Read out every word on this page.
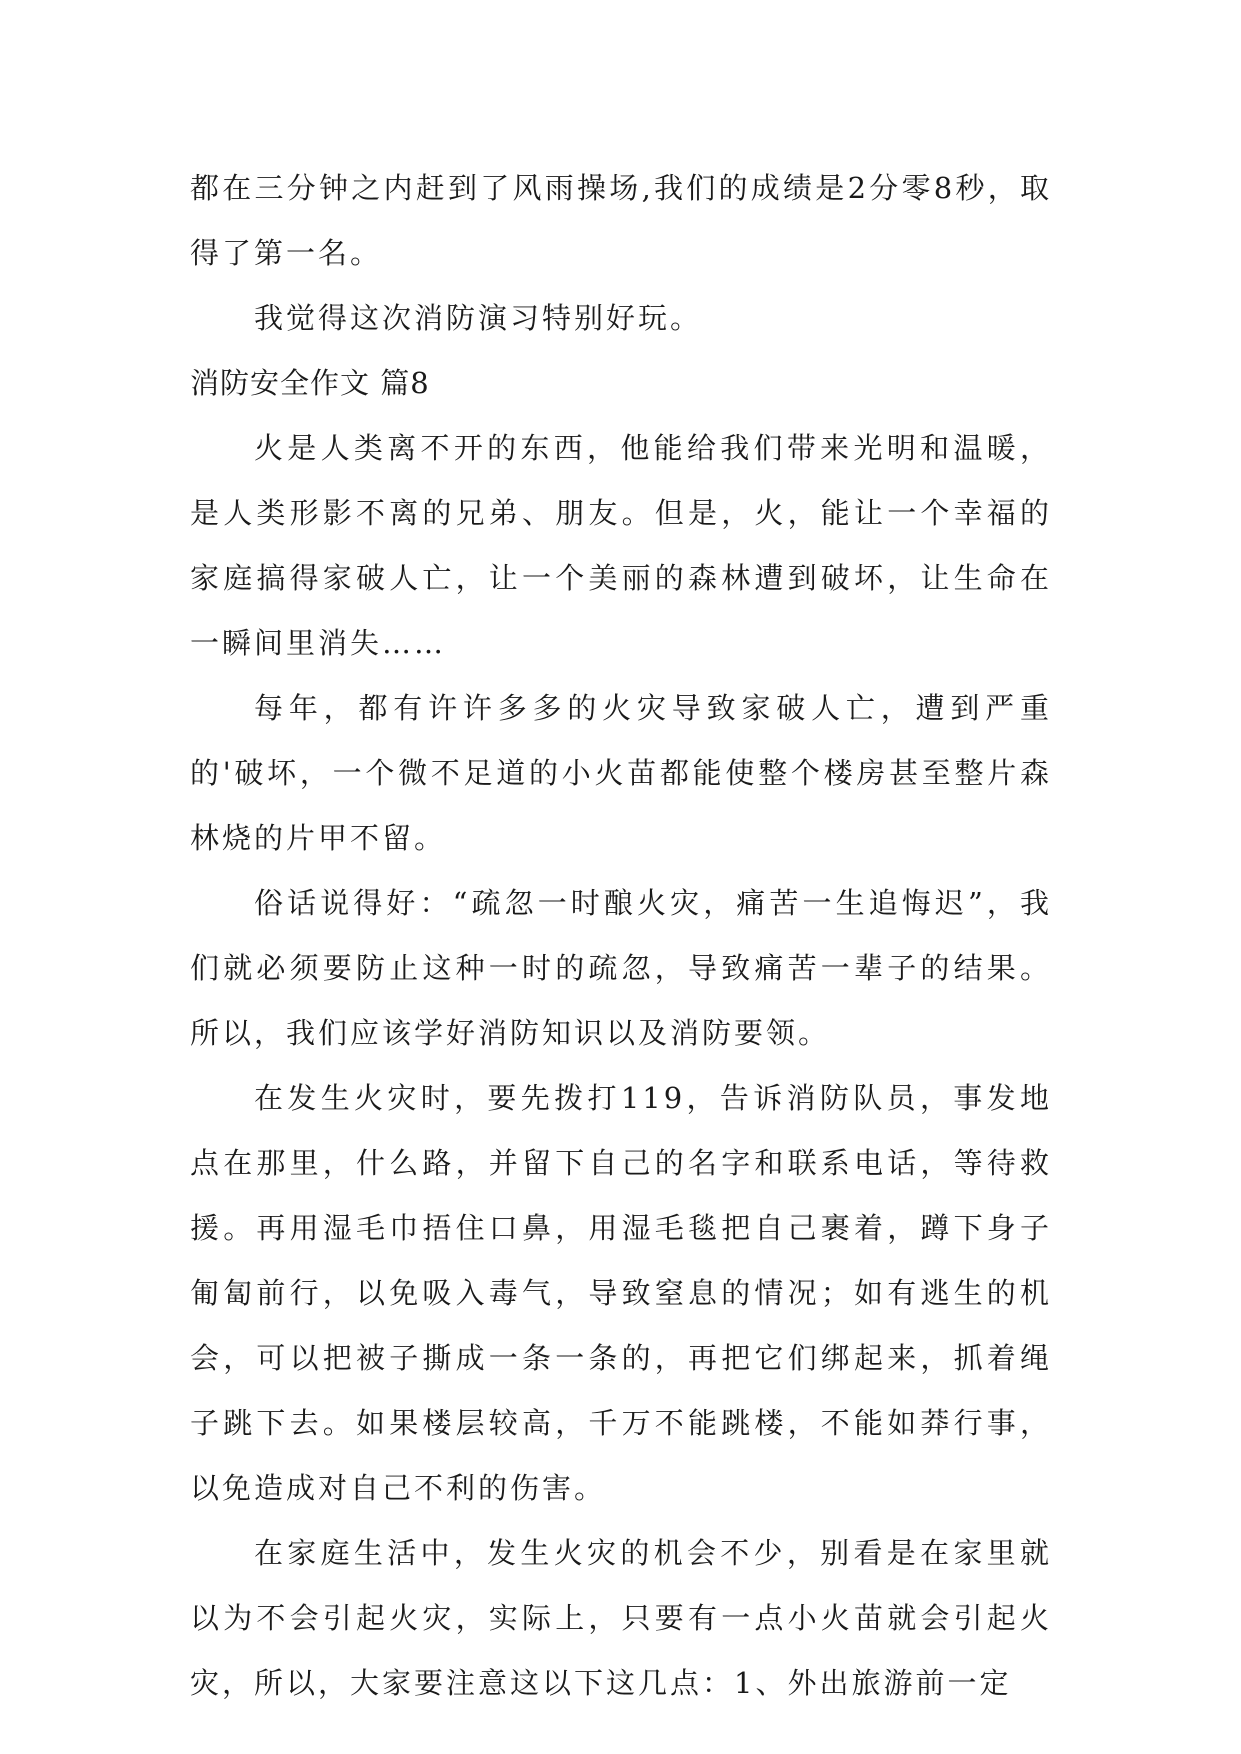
都在三分钟之内赶到了风雨操场,我们的成绩是2分零8秒，取得了第一名。

我觉得这次消防演习特别好玩。

消防安全作文 篇8

火是人类离不开的东西，他能给我们带来光明和温暖，是人类形影不离的兄弟、朋友。但是，火，能让一个幸福的家庭搞得家破人亡，让一个美丽的森林遭到破坏，让生命在一瞬间里消失……

每年，都有许许多多的火灾导致家破人亡，遭到严重的'破坏，一个微不足道的小火苗都能使整个楼房甚至整片森林烧的片甲不留。

俗话说得好：“疏忽一时酿火灾，痛苦一生追悔迟”，我们就必须要防止这种一时的疏忽，导致痛苦一辈子的结果。所以，我们应该学好消防知识以及消防要领。

在发生火灾时，要先拨打119，告诉消防队员，事发地点在那里，什么路，并留下自己的名字和联系电话，等待救援。再用湿毛巾捂住口鼻，用湿毛毯把自己裹着，蹲下身子匍匐前行，以免吸入毒气，导致窒息的情况；如有逃生的机会，可以把被子撕成一条一条的，再把它们绑起来，抓着绳子跳下去。如果楼层较高，千万不能跳楼，不能如莽行事，以免造成对自己不利的伤害。

在家庭生活中，发生火灾的机会不少，别看是在家里就以为不会引起火灾，实际上，只要有一点小火苗就会引起火灾，所以，大家要注意这以下这几点：1、外出旅游前一定
